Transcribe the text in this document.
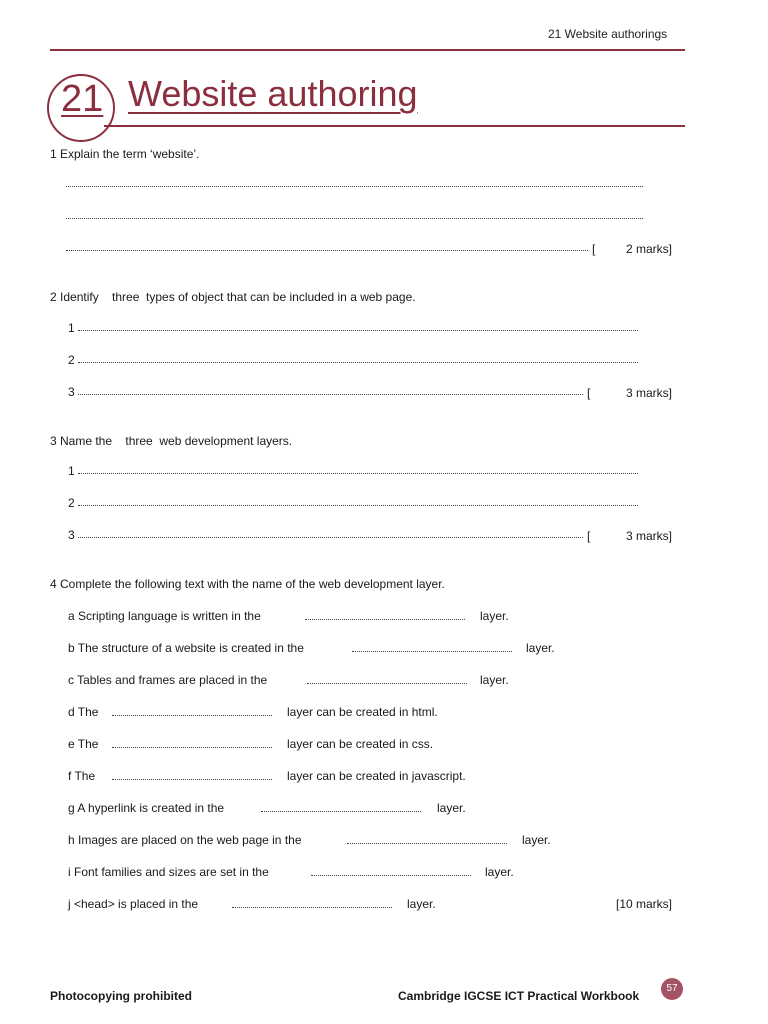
21 Website authorings
21 Website authoring
1 Explain the term ‘website’.
[	2 marks]
2 Identify    three  types of object that can be included in a web page.
1
2
3	[	3 marks]
3 Name the    three  web development layers.
1
2
3	[	3 marks]
4 Complete the following text with the name of the web development layer.
a Scripting language is written in the	layer.
b The structure of a website is created in the	layer.
c Tables and frames are placed in the	layer.
d The	layer can be created in html.
e The	layer can be created in css.
f The	layer can be created in javascript.
g A hyperlink is created in the	layer.
h Images are placed on the web page in the	layer.
i Font families and sizes are set in the	layer.
j <head> is placed in the	layer.	[10 marks]
Photocopying prohibited	Cambridge IGCSE ICT Practical Workbook
57
